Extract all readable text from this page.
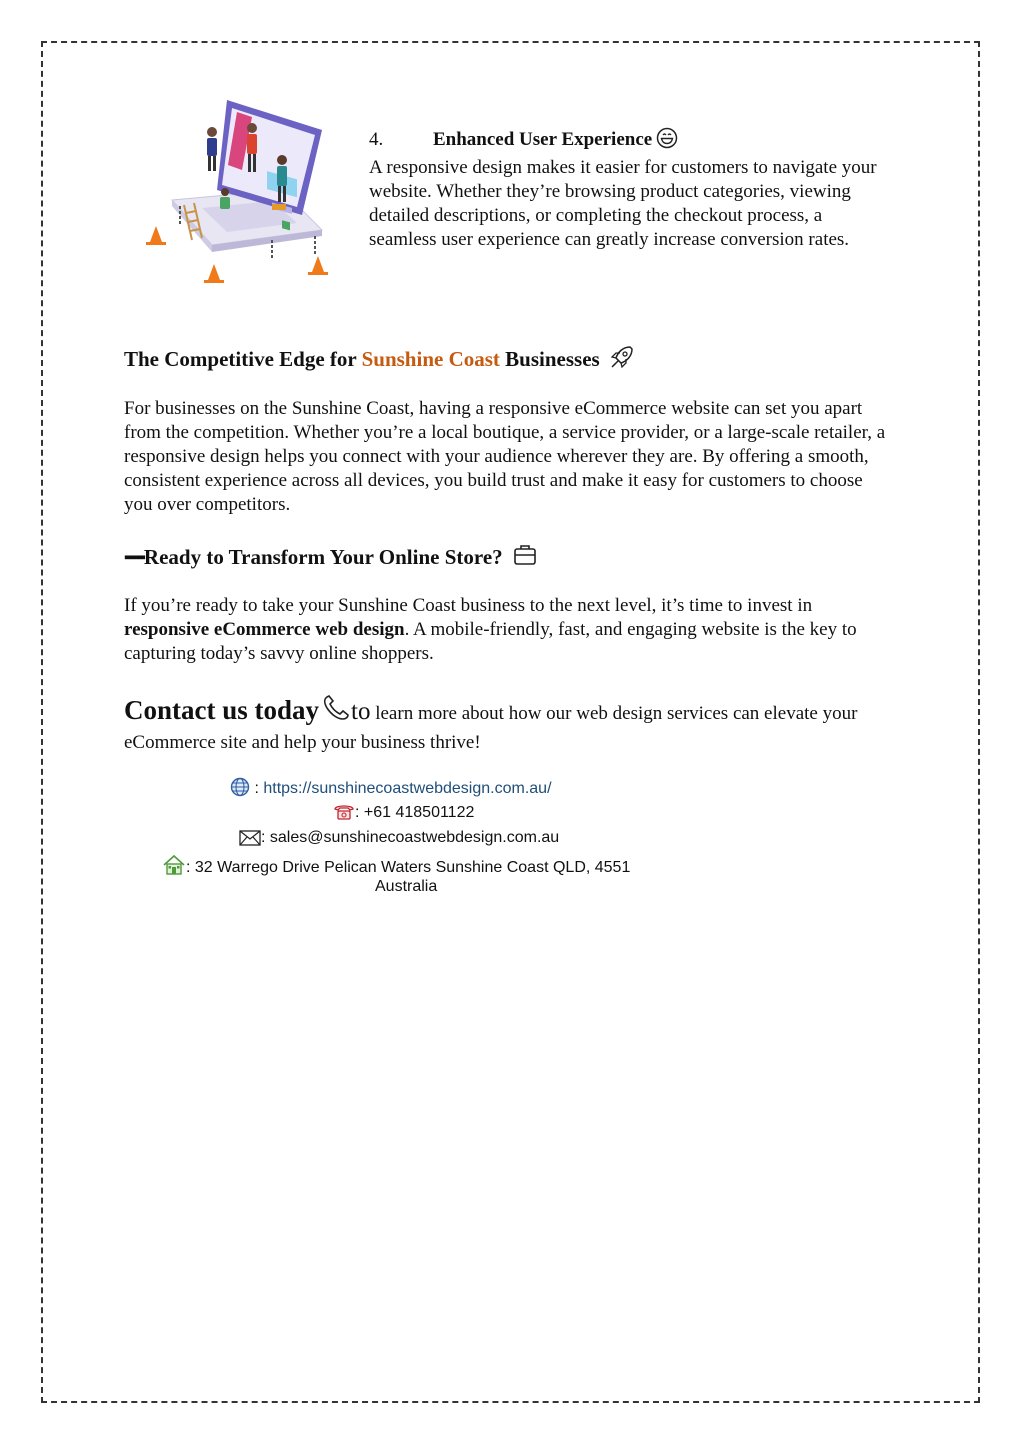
4.	Enhanced User Experience
A responsive design makes it easier for customers to navigate your website. Whether they’re browsing product categories, viewing detailed descriptions, or completing the checkout process, a seamless user experience can greatly increase conversion rates.
The Competitive Edge for Sunshine Coast Businesses

For businesses on the Sunshine Coast, having a responsive eCommerce website can set you apart from the competition. Whether you’re a local boutique, a service provider, or a large-scale retailer, a responsive design helps you connect with your audience wherever they are. By offering a smooth, consistent experience across all devices, you build trust and make it easy for customers to choose you over competitors.

▪▪▪▪▪▪Ready to Transform Your Online Store?

If you’re ready to take your Sunshine Coast business to the next level, it’s time to invest in responsive eCommerce web design. A mobile-friendly, fast, and engaging website is the key to capturing today’s savvy online shoppers.

Contact us today to learn more about how our web design services can elevate your eCommerce site and help your business thrive!
: https://sunshinecoastwebdesign.com.au/
: +61 418501122
: sales@sunshinecoastwebdesign.com.au
: 32 Warrego Drive Pelican Waters Sunshine Coast QLD, 4551
Australia
